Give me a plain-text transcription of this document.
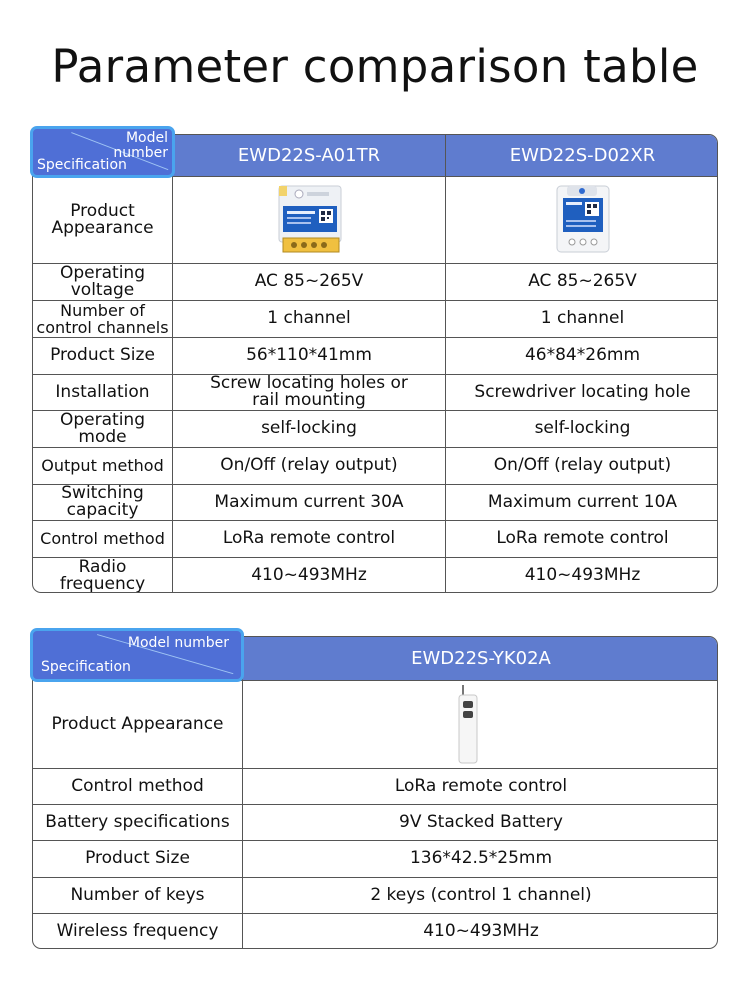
Parameter comparison table
EWD22S-A01TR	EWD22S-D02XR
Product
Appearance
Operating
voltage
Number of
control channels
Product Size
Installation
Operating
mode
Output method
Switching
capacity
Control method
Radio
frequency
AC 85~265V
1 channel
56*110*41mm
Screw locating holes or
rail mounting
self-locking
On/Off (relay output)
Maximum current 30A
LoRa remote control
410~493MHz
AC 85~265V
1 channel
46*84*26mm
Screwdriver locating hole
self-locking
On/Off (relay output)
Maximum current 10A
LoRa remote control
410~493MHz
Model
number
Specification
EWD22S-YK02A
Product Appearance
Control method
Battery specifications
Product Size
Number of keys
Wireless frequency
LoRa remote control
9V Stacked Battery
136*42.5*25mm
2 keys (control 1 channel)
410~493MHz
Model number
Specification
